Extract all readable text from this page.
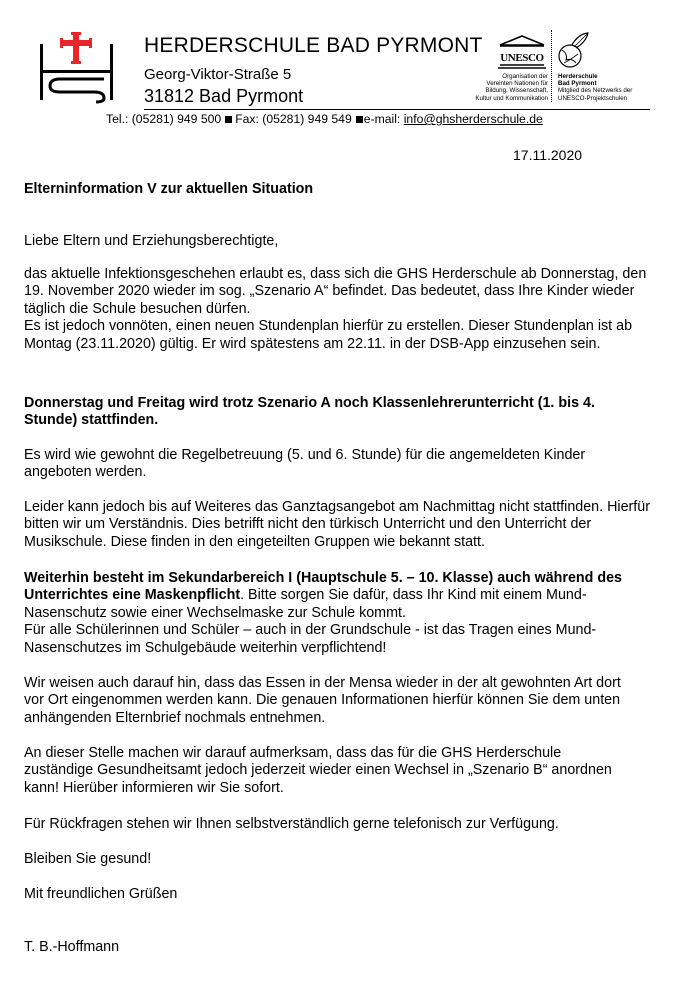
HERDERSCHULE BAD PYRMONT
Georg-Viktor-Straße 5
31812 Bad Pyrmont
UNESCO
Organisation der
Vereinten Nationen für
Bildung, Wissenschaft,
Kultur und Kommunikation
Herderschule
Bad Pyrmont
Mitglied des Netzwerks der
UNESCO-Projektschulen
Tel.: (05281) 949 500 Fax: (05281) 949 549 e-mail: info@ghsherderschule.de
17.11.2020
Elterninformation V zur aktuellen Situation
Liebe Eltern und Erziehungsberechtigte,
das aktuelle Infektionsgeschehen erlaubt es, dass sich die GHS Herderschule ab Donnerstag, den 19. November 2020 wieder im sog. „Szenario A“ befindet. Das bedeutet, dass Ihre Kinder wieder täglich die Schule besuchen dürfen.
Es ist jedoch vonnöten, einen neuen Stundenplan hierfür zu erstellen. Dieser Stundenplan ist ab Montag (23.11.2020) gültig. Er wird spätestens am 22.11. in der DSB-App einzusehen sein.
Donnerstag und Freitag wird trotz Szenario A noch Klassenlehrerunterricht (1. bis 4. Stunde) stattfinden.
Es wird wie gewohnt die Regelbetreuung (5. und 6. Stunde) für die angemeldeten Kinder angeboten werden.
Leider kann jedoch bis auf Weiteres das Ganztagsangebot am Nachmittag nicht stattfinden. Hierfür bitten wir um Verständnis. Dies betrifft nicht den türkisch Unterricht und den Unterricht der Musikschule. Diese finden in den eingeteilten Gruppen wie bekannt statt.
Weiterhin besteht im Sekundarbereich I (Hauptschule 5. – 10. Klasse) auch während des Unterrichtes eine Maskenpflicht. Bitte sorgen Sie dafür, dass Ihr Kind mit einem Mund- Nasenschutz sowie einer Wechselmaske zur Schule kommt.
Für alle Schülerinnen und Schüler – auch in der Grundschule - ist das Tragen eines Mund-Nasenschutzes im Schulgebäude weiterhin verpflichtend!
Wir weisen auch darauf hin, dass das Essen in der Mensa wieder in der alt gewohnten Art dort vor Ort eingenommen werden kann. Die genauen Informationen hierfür können Sie dem unten anhängenden Elternbrief nochmals entnehmen.
An dieser Stelle machen wir darauf aufmerksam, dass das für die GHS Herderschule zuständige Gesundheitsamt jedoch jederzeit wieder einen Wechsel in „Szenario B“ anordnen kann! Hierüber informieren wir Sie sofort.
Für Rückfragen stehen wir Ihnen selbstverständlich gerne telefonisch zur Verfügung.
Bleiben Sie gesund!
Mit freundlichen Grüßen
T. B.-Hoffmann
